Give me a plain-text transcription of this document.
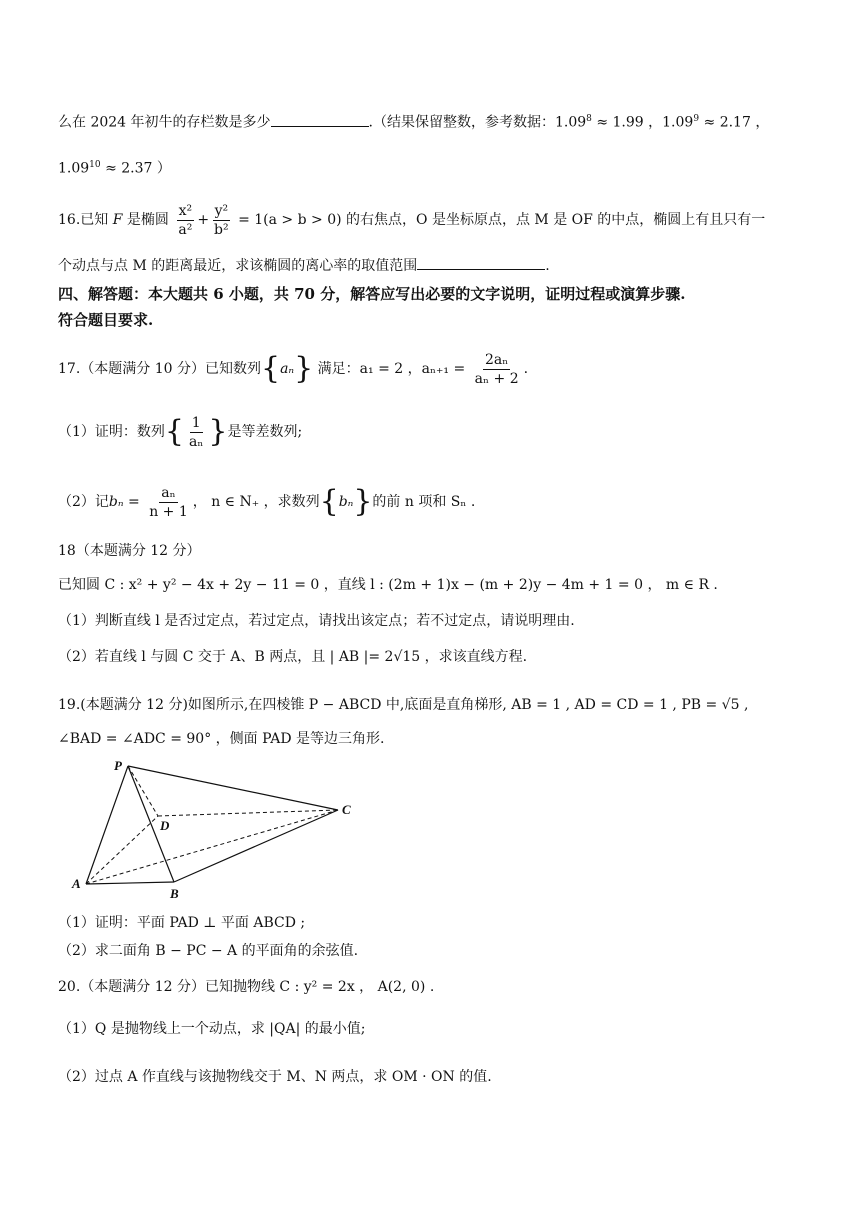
么在 2024 年初牛的存栏数是多少	.（结果保留整数，参考数据：$1.09^8 \approx 1.99$ ，$1.09^9 \approx 2.17$ ，
$1.09^{10} \approx 2.37$ ）
16.已知 F 是椭圆 $\frac{\text{x²}}{\text{a²}} + \frac{\text{y²}}{\text{b²}} = 1(a > b > 0)$ 的右焦点，O 是坐标原点，点 M 是 OF 的中点，椭圆上有且只有一
个动点与点 M 的距离最近，求该椭圆的离心率的取值范围	.
四、解答题：本大题共 6 小题，共 70 分，解答应写出必要的文字说明，证明过程或演算步骤.
符合题目要求.
17.（本题满分 10 分）已知数列{aₙ} 满足：a₁ = 2 ，$a_{n+1} = \frac{\text{2aₙ}}{\text{aₙ + 2}}$ .
（1）证明：数列{ $\frac{1}{\text{aₙ}}$ }是等差数列;
（2）记$b_n = \frac{\text{aₙ}}{n + 1}$ ， n ∈ N₊ ，求数列{bₙ}的前 n 项和 Sₙ .
18（本题满分 12 分）
已知圆 C : x² + y² − 4x + 2y − 11 = 0 ，直线 l : (2m + 1)x − (m + 2)y − 4m + 1 = 0 ， m ∈ R .
（1）判断直线 l 是否过定点，若过定点，请找出该定点；若不过定点，请说明理由.
（2）若直线 l 与圆 C 交于 A、B 两点，且 | AB |= 2√15 ，求该直线方程.
19.(本题满分 12 分)如图所示,在四棱锥 P − ABCD 中,底面是直角梯形, AB = 1 , AD = CD = 1 , PB = √5 ,
∠BAD = ∠ADC = 90° ，侧面 PAD 是等边三角形.
P
D
C
A
B
（1）证明：平面 PAD ⊥ 平面 ABCD ;
（2）求二面角 B − PC − A 的平面角的余弦值.
20.（本题满分 12 分）已知抛物线 C : y² = 2x ， A(2, 0) .
（1）Q 是抛物线上一个动点，求 |QA| 的最小值;
（2）过点 A 作直线与该抛物线交于 M、N 两点，求 OM · ON 的值.
